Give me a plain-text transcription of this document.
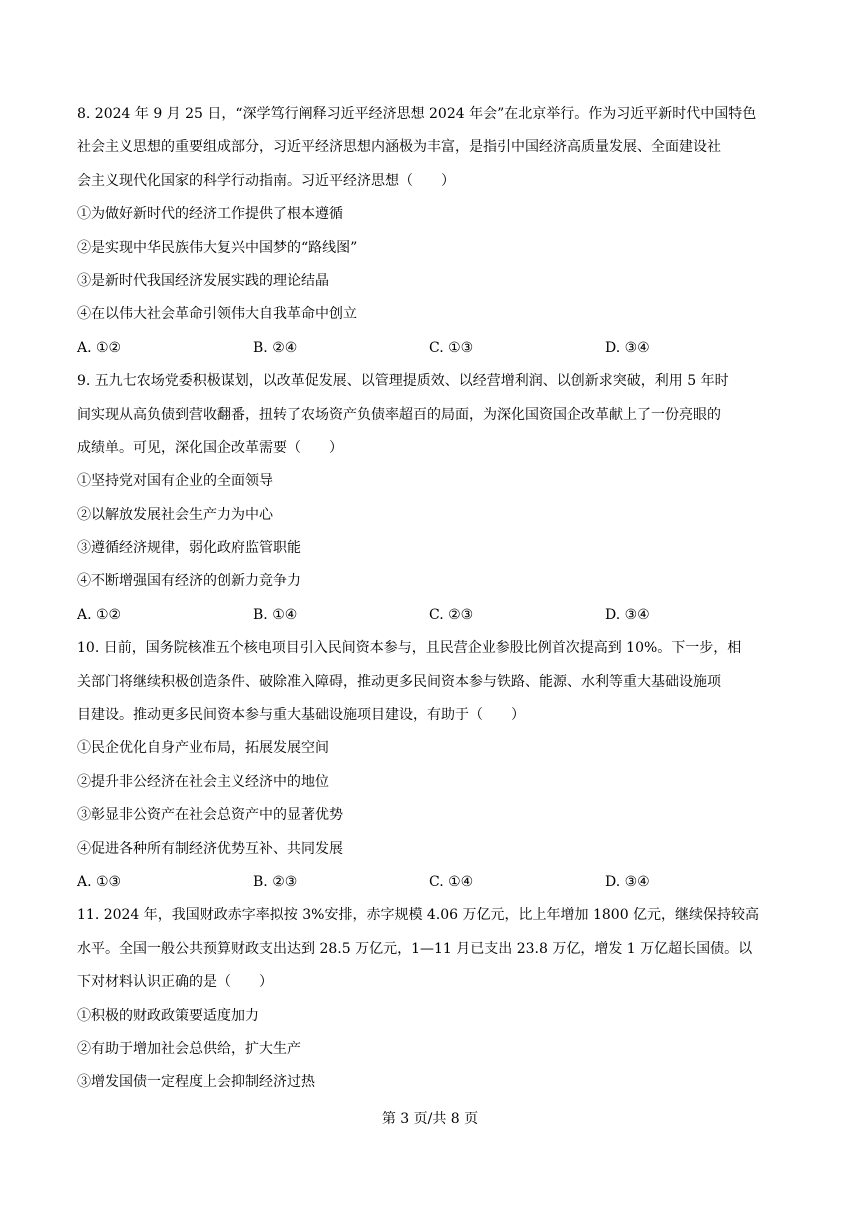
8. 2024 年 9 月 25 日，“深学笃行阐释习近平经济思想 2024 年会”在北京举行。作为习近平新时代中国特色
社会主义思想的重要组成部分，习近平经济思想内涵极为丰富，是指引中国经济高质量发展、全面建设社
会主义现代化国家的科学行动指南。习近平经济思想（　　）
①为做好新时代的经济工作提供了根本遵循
②是实现中华民族伟大复兴中国梦的“路线图”
③是新时代我国经济发展实践的理论结晶
④在以伟大社会革命引领伟大自我革命中创立
A. ①②	B. ②④	C. ①③	D. ③④
9. 五九七农场党委积极谋划，以改革促发展、以管理提质效、以经营增利润、以创新求突破，利用 5 年时
间实现从高负债到营收翻番，扭转了农场资产负债率超百的局面，为深化国资国企改革献上了一份亮眼的
成绩单。可见，深化国企改革需要（　　）
①坚持党对国有企业的全面领导
②以解放发展社会生产力为中心
③遵循经济规律，弱化政府监管职能
④不断增强国有经济的创新力竞争力
A. ①②	B. ①④	C. ②③	D. ③④
10. 日前，国务院核准五个核电项目引入民间资本参与，且民营企业参股比例首次提高到 10%。下一步，相
关部门将继续积极创造条件、破除准入障碍，推动更多民间资本参与铁路、能源、水利等重大基础设施项
目建设。推动更多民间资本参与重大基础设施项目建设，有助于（　　）
①民企优化自身产业布局，拓展发展空间
②提升非公经济在社会主义经济中的地位
③彰显非公资产在社会总资产中的显著优势
④促进各种所有制经济优势互补、共同发展
A. ①③	B. ②③	C. ①④	D. ③④
11. 2024 年，我国财政赤字率拟按 3%安排，赤字规模 4.06 万亿元，比上年增加 1800 亿元，继续保持较高
水平。全国一般公共预算财政支出达到 28.5 万亿元，1—11 月已支出 23.8 万亿，增发 1 万亿超长国债。以
下对材料认识正确的是（　　）
①积极的财政政策要适度加力
②有助于增加社会总供给，扩大生产
③增发国债一定程度上会抑制经济过热
第 3 页/共 8 页
